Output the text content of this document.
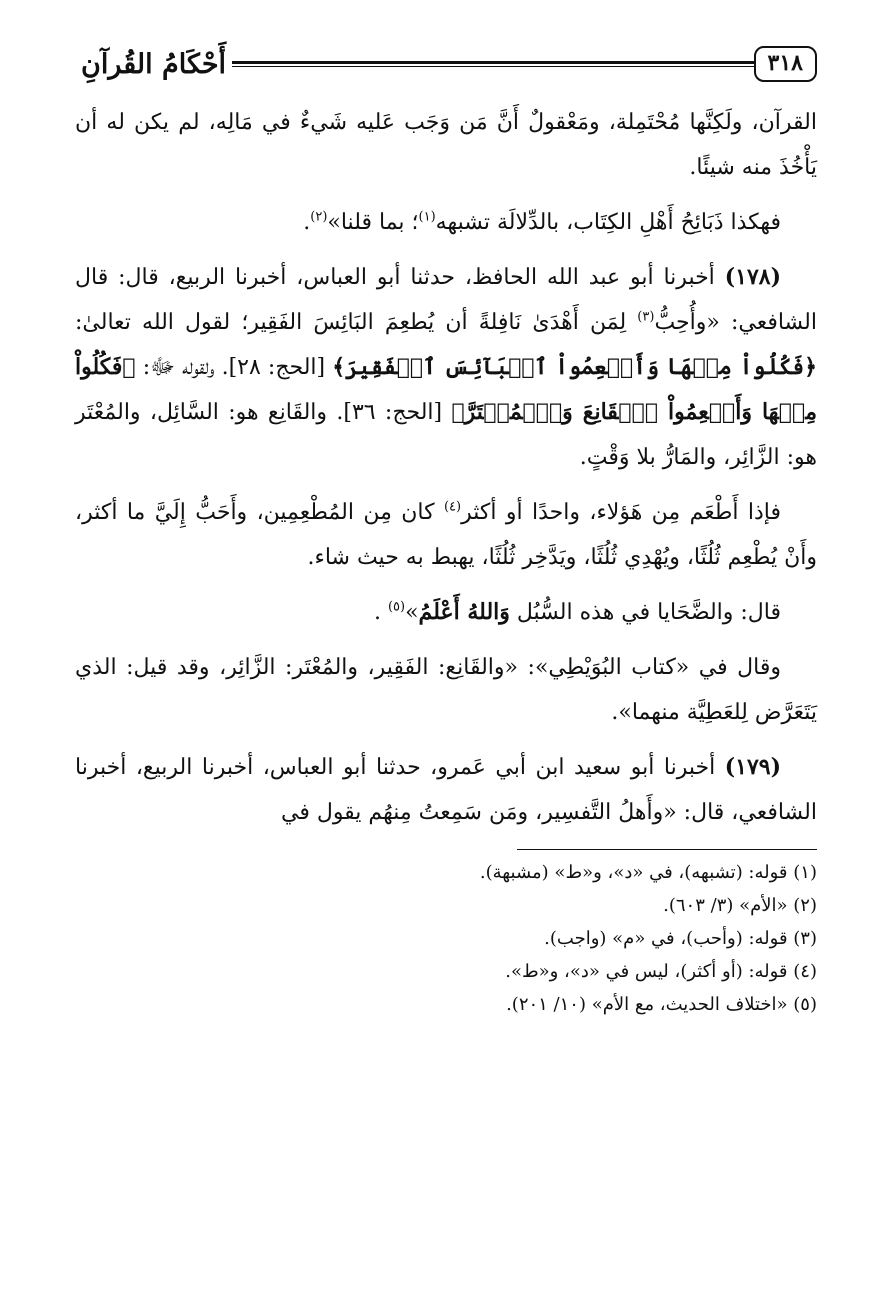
٣١٨
أَحْكَامُ القُرآنِ

القرآن، ولَكِنَّها مُحْتَمِلة، ومَعْقولٌ أَنَّ مَن وَجَب عَليه شَيءٌ في مَالِه، لم يكن له أن يَأْخُذَ منه شيئًا.

فهكذا ذَبَائِحُ أَهْلِ الكِتَاب، بالدِّلالَة تشبهه$^{(١)}$؛ بما قلنا»$^{(٢)}$.

(١٧٨) أخبرنا أبو عبد الله الحافظ، حدثنا أبو العباس، أخبرنا الربيع، قال: قال الشافعي: «وأُحِبُّ$^{(٣)}$ لِمَن أَهْدَىٰ نَافِلةً أن يُطعِمَ البَائِسَ الفَقِير؛ لقول الله تعالىٰ: ﴿فَكُلُواْ مِنۡهَا وَأَطۡعِمُواْ ٱلۡبَآئِسَ ٱلۡفَقِيرَ﴾ [الحج: ٢٨]. ولقوله ﷻ: ﴿فَكُلُواْ مِنۡهَا وَأَطۡعِمُواْ ٱلۡقَانِعَ وَٱلۡمُعۡتَرَّ﴾ [الحج: ٣٦]. والقَانِع هو: السَّائِل، والمُعْتَر هو: الزَّائِر، والمَارُّ بلا وَقْتٍ.

فإذا أَطْعَم مِن هَؤلاء، واحدًا أو أكثر$^{(٤)}$ كان مِن المُطْعِمِين، وأَحَبُّ إِلَيَّ ما أكثر، وأَنْ يُطْعِم ثُلُثًا، ويُهْدِي ثُلُثًا، ويَدَّخِر ثُلُثًا، يهبط به حيث شاء.

قال: والضَّحَايا في هذه السُّبُل وَاللهُ أَعْلَمُ»$^{(٥)}$ .

وقال في «كتاب البُوَيْطِي»: «والقَانِع: الفَقِير، والمُعْتَر: الزَّائِر، وقد قيل: الذي يَتَعَرَّض لِلعَطِيَّة منهما».

(١٧٩) أخبرنا أبو سعيد ابن أبي عَمرو، حدثنا أبو العباس، أخبرنا الربيع، أخبرنا الشافعي، قال: «وأَهلُ التَّفسِير، ومَن سَمِعتُ مِنهُم يقول في

(١) قوله: (تشبهه)، في «د»، و«ط» (مشبهة).

(٢) «الأم» (٣/ ٦٠٣).

(٣) قوله: (وأحب)، في «م» (واجب).

(٤) قوله: (أو أكثر)، ليس في «د»، و«ط».

(٥) «اختلاف الحديث، مع الأم» (١٠/ ٢٠١).
